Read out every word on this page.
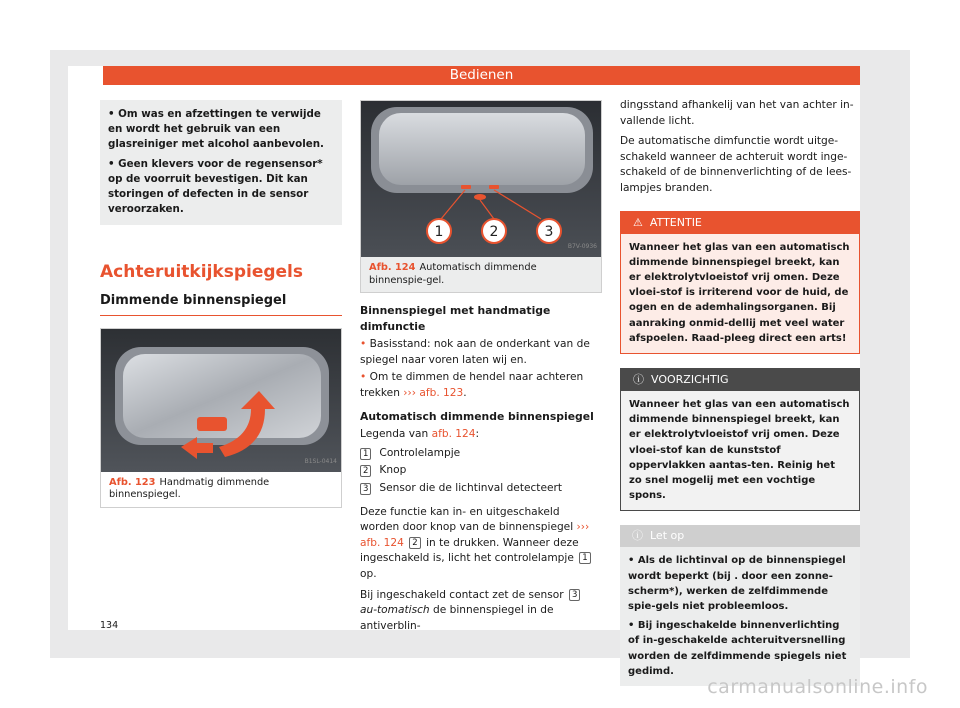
Bedienen

• Om was en afzettingen te verwijde en wordt het gebruik van een glasreiniger met alcohol aanbevolen.

• Geen klevers voor de regensensor* op de voorruit bevestigen. Dit kan storingen of defecten in de sensor veroorzaken.

Achteruitkijkspiegels
Dimmende binnenspiegel
B1SL-0414
Afb. 123 Handmatig dimmende binnenspiegel.
1	2	3
B7V-0936
Afb. 124 Automatisch dimmende binnenspie-gel.

Binnenspiegel met handmatige dimfunctie

• Basisstand: nok aan de onderkant van de spiegel naar voren laten wij en.

• Om te dimmen de hendel naar achteren trekken ››› afb. 123.

Automatisch dimmende binnenspiegel

Legenda van afb. 124:

1 Controlelampje
2 Knop
3 Sensor die de lichtinval detecteert

Deze functie kan in- en uitgeschakeld worden door knop van de binnenspiegel ››› afb. 124 2 in te drukken. Wanneer deze ingeschakeld is, licht het controlelampje 1 op.

Bij ingeschakeld contact zet de sensor 3 au-tomatisch de binnenspiegel in de antiverblin-

dingsstand afhankelij van het van achter in-vallende licht.

De automatische dimfunctie wordt uitge-schakeld wanneer de achteruit wordt inge-schakeld of de binnenverlichting of de lees-lampjes branden.

⚠ ATTENTIE
Wanneer het glas van een automatisch dimmende binnenspiegel breekt, kan er elektrolytvloeistof vrij omen. Deze vloei-stof is irriterend voor de huid, de ogen en de ademhalingsorganen. Bij aanraking onmid-dellij met veel water afspoelen. Raad-pleeg direct een arts!
ⓘ VOORZICHTIG
Wanneer het glas van een automatisch dimmende binnenspiegel breekt, kan er elektrolytvloeistof vrij omen. Deze vloei-stof kan de kunststof oppervlakken aantas-ten. Reinig het zo snel mogelij met een vochtige spons.
ⓘ Let op

• Als de lichtinval op de binnenspiegel wordt beperkt (bij . door een zonne-scherm*), werken de zelfdimmende spie-gels niet probleemloos.

• Bij ingeschakelde binnenverlichting of in-geschakelde achteruitversnelling worden de zelfdimmende spiegels niet gedimd.

134
carmanualsonline.info
